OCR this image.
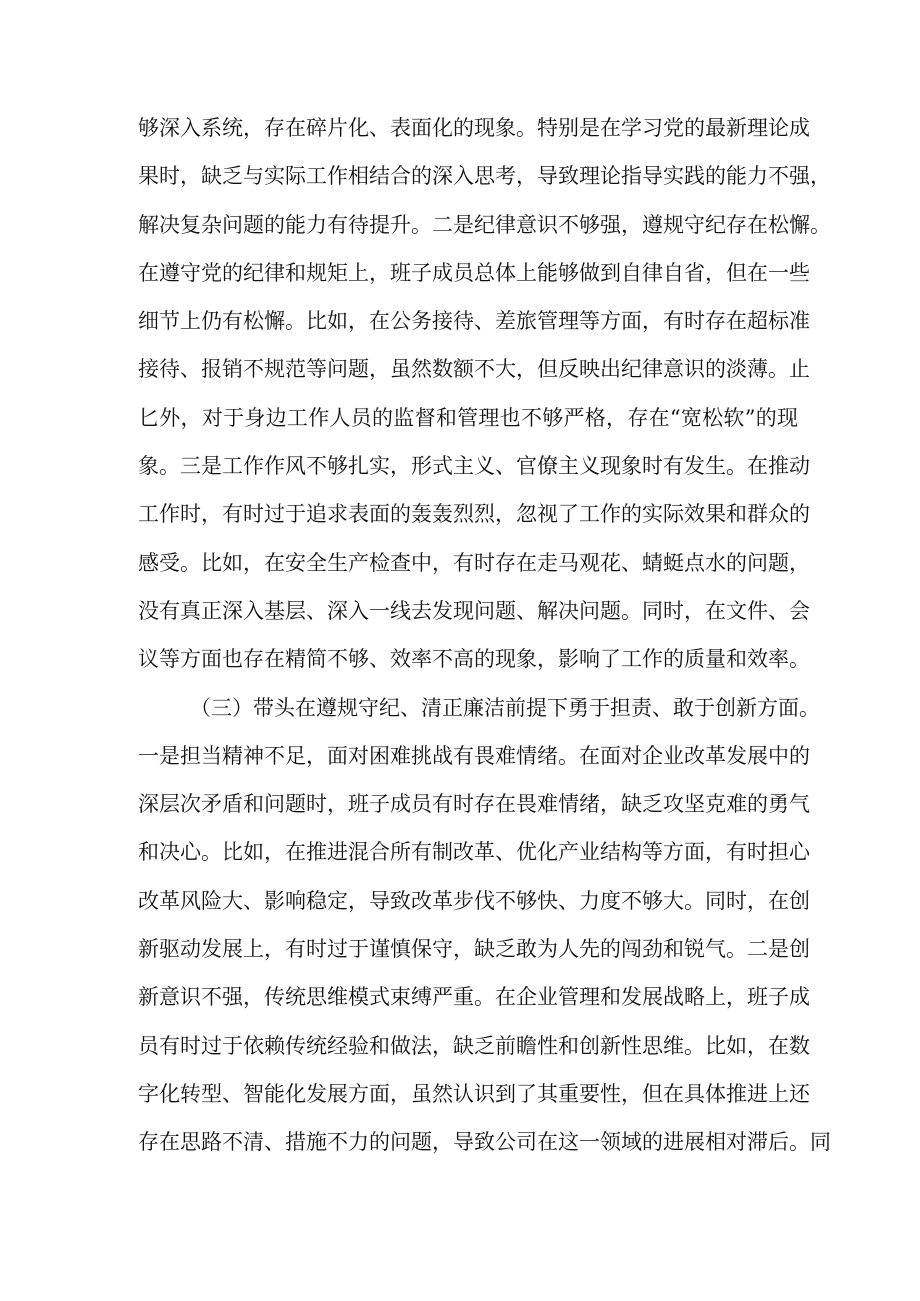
够深入系统，存在碎片化、表面化的现象。特别是在学习党的最新理论成
果时，缺乏与实际工作相结合的深入思考，导致理论指导实践的能力不强，
解决复杂问题的能力有待提升。二是纪律意识不够强，遵规守纪存在松懈。
在遵守党的纪律和规矩上，班子成员总体上能够做到自律自省，但在一些
细节上仍有松懈。比如，在公务接待、差旅管理等方面，有时存在超标准
接待、报销不规范等问题，虽然数额不大，但反映出纪律意识的淡薄。止
匕外，对于身边工作人员的监督和管理也不够严格，存在“宽松软”的现
象。三是工作作风不够扎实，形式主义、官僚主义现象时有发生。在推动
工作时，有时过于追求表面的轰轰烈烈，忽视了工作的实际效果和群众的
感受。比如，在安全生产检查中，有时存在走马观花、蜻蜓点水的问题，
没有真正深入基层、深入一线去发现问题、解决问题。同时，在文件、会
议等方面也存在精简不够、效率不高的现象，影响了工作的质量和效率。
（三）带头在遵规守纪、清正廉洁前提下勇于担责、敢于创新方面。
一是担当精神不足，面对困难挑战有畏难情绪。在面对企业改革发展中的
深层次矛盾和问题时，班子成员有时存在畏难情绪，缺乏攻坚克难的勇气
和决心。比如，在推进混合所有制改革、优化产业结构等方面，有时担心
改革风险大、影响稳定，导致改革步伐不够快、力度不够大。同时，在创
新驱动发展上，有时过于谨慎保守，缺乏敢为人先的闯劲和锐气。二是创
新意识不强，传统思维模式束缚严重。在企业管理和发展战略上，班子成
员有时过于依赖传统经验和做法，缺乏前瞻性和创新性思维。比如，在数
字化转型、智能化发展方面，虽然认识到了其重要性，但在具体推进上还
存在思路不清、措施不力的问题，导致公司在这一领域的进展相对滞后。同
